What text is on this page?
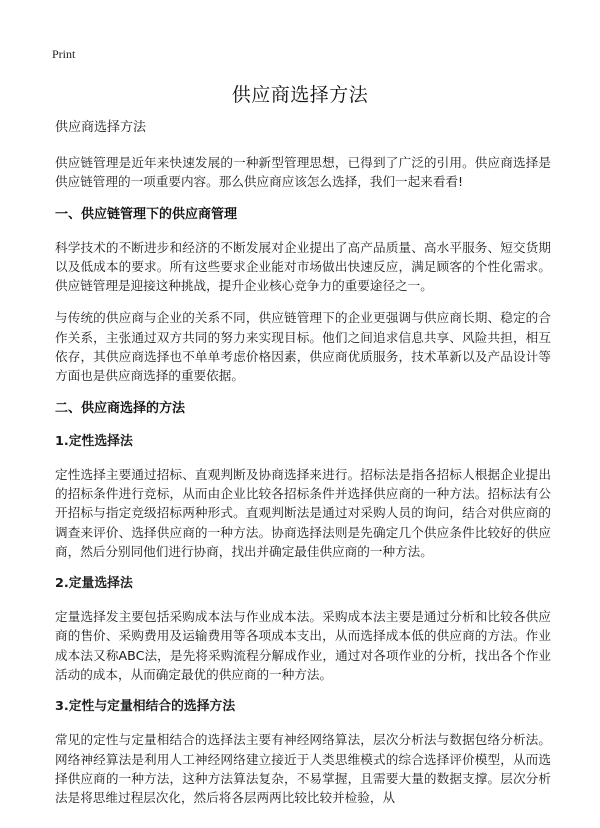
Print
供应商选择方法

供应商选择方法

供应链管理是近年来快速发展的一种新型管理思想，已得到了广泛的引用。供应商选择是供应链管理的一项重要内容。那么供应商应该怎么选择，我们一起来看看!

一、供应链管理下的供应商管理

科学技术的不断进步和经济的不断发展对企业提出了高产品质量、高水平服务、短交货期以及低成本的要求。所有这些要求企业能对市场做出快速反应，满足顾客的个性化需求。供应链管理是迎接这种挑战，提升企业核心竞争力的重要途径之一。

与传统的供应商与企业的关系不同，供应链管理下的企业更强调与供应商长期、稳定的合作关系，主张通过双方共同的努力来实现目标。他们之间追求信息共享、风险共担，相互依存，其供应商选择也不单单考虑价格因素，供应商优质服务，技术革新以及产品设计等方面也是供应商选择的重要依据。

二、供应商选择的方法
1.定性选择法

定性选择主要通过招标、直观判断及协商选择来进行。招标法是指各招标人根据企业提出的招标条件进行竞标，从而由企业比较各招标条件并选择供应商的一种方法。招标法有公开招标与指定竞级招标两种形式。直观判断法是通过对采购人员的询问，结合对供应商的调查来评价、选择供应商的一种方法。协商选择法则是先确定几个供应条件比较好的供应商，然后分别同他们进行协商，找出并确定最佳供应商的一种方法。

2.定量选择法

定量选择发主要包括采购成本法与作业成本法。采购成本法主要是通过分析和比较各供应商的售价、采购费用及运输费用等各项成本支出，从而选择成本低的供应商的方法。作业成本法又称ABC法，是先将采购流程分解成作业，通过对各项作业的分析，找出各个作业活动的成本，从而确定最优的供应商的一种方法。

3.定性与定量相结合的选择方法

常见的定性与定量相结合的选择法主要有神经网络算法，层次分析法与数据包络分析法。网络神经算法是利用人工神经网络建立接近于人类思维模式的综合选择评价模型，从而选择供应商的一种方法，这种方法算法复杂，不易掌握，且需要大量的数据支撑。层次分析法是将思维过程层次化，然后将各层两两比较比较并检验，从
